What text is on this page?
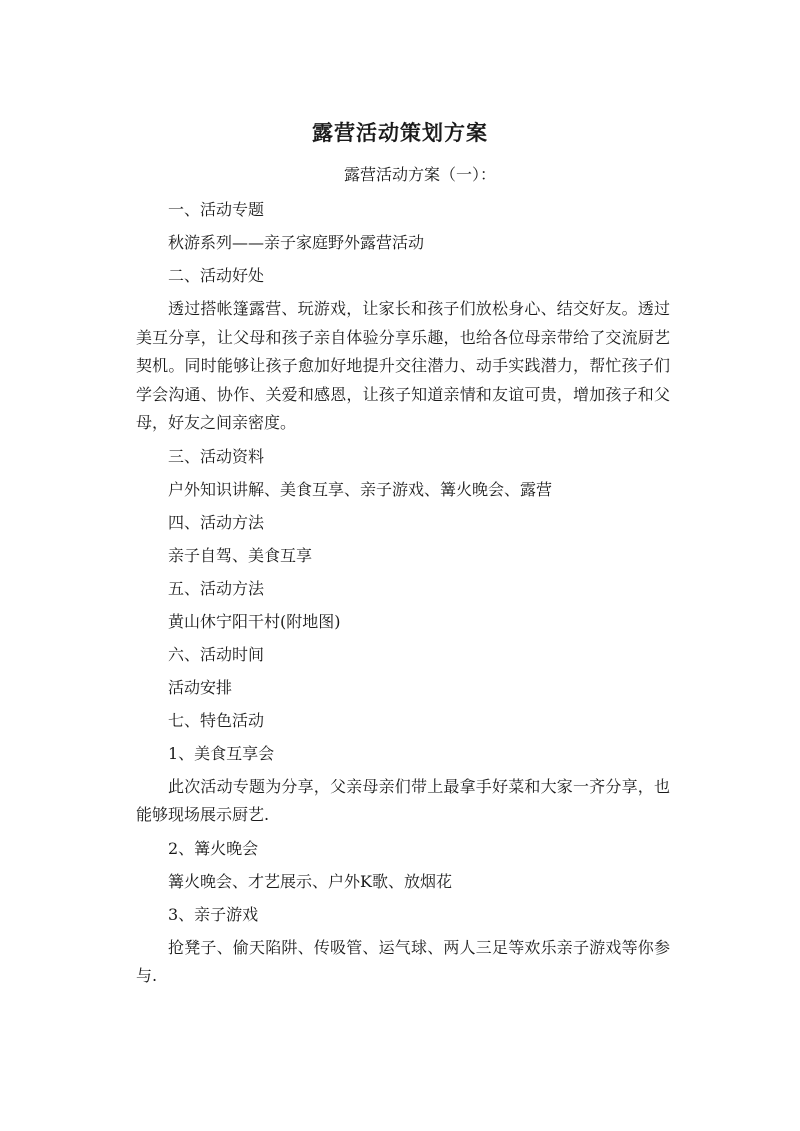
露营活动策划方案
露营活动方案（一）：

一、活动专题

秋游系列——亲子家庭野外露营活动

二、活动好处

透过搭帐篷露营、玩游戏，让家长和孩子们放松身心、结交好友。透过美互分享，让父母和孩子亲自体验分享乐趣，也给各位母亲带给了交流厨艺契机。同时能够让孩子愈加好地提升交往潜力、动手实践潜力，帮忙孩子们学会沟通、协作、关爱和感恩，让孩子知道亲情和友谊可贵，增加孩子和父母，好友之间亲密度。

三、活动资料

户外知识讲解、美食互享、亲子游戏、篝火晚会、露营

四、活动方法

亲子自驾、美食互享

五、活动方法

黄山休宁阳干村(附地图)

六、活动时间

活动安排

七、特色活动

1、美食互享会

此次活动专题为分享，父亲母亲们带上最拿手好菜和大家一齐分享，也能够现场展示厨艺.

2、篝火晚会

篝火晚会、才艺展示、户外K歌、放烟花

3、亲子游戏

抢凳子、偷天陷阱、传吸管、运气球、两人三足等欢乐亲子游戏等你参与.
